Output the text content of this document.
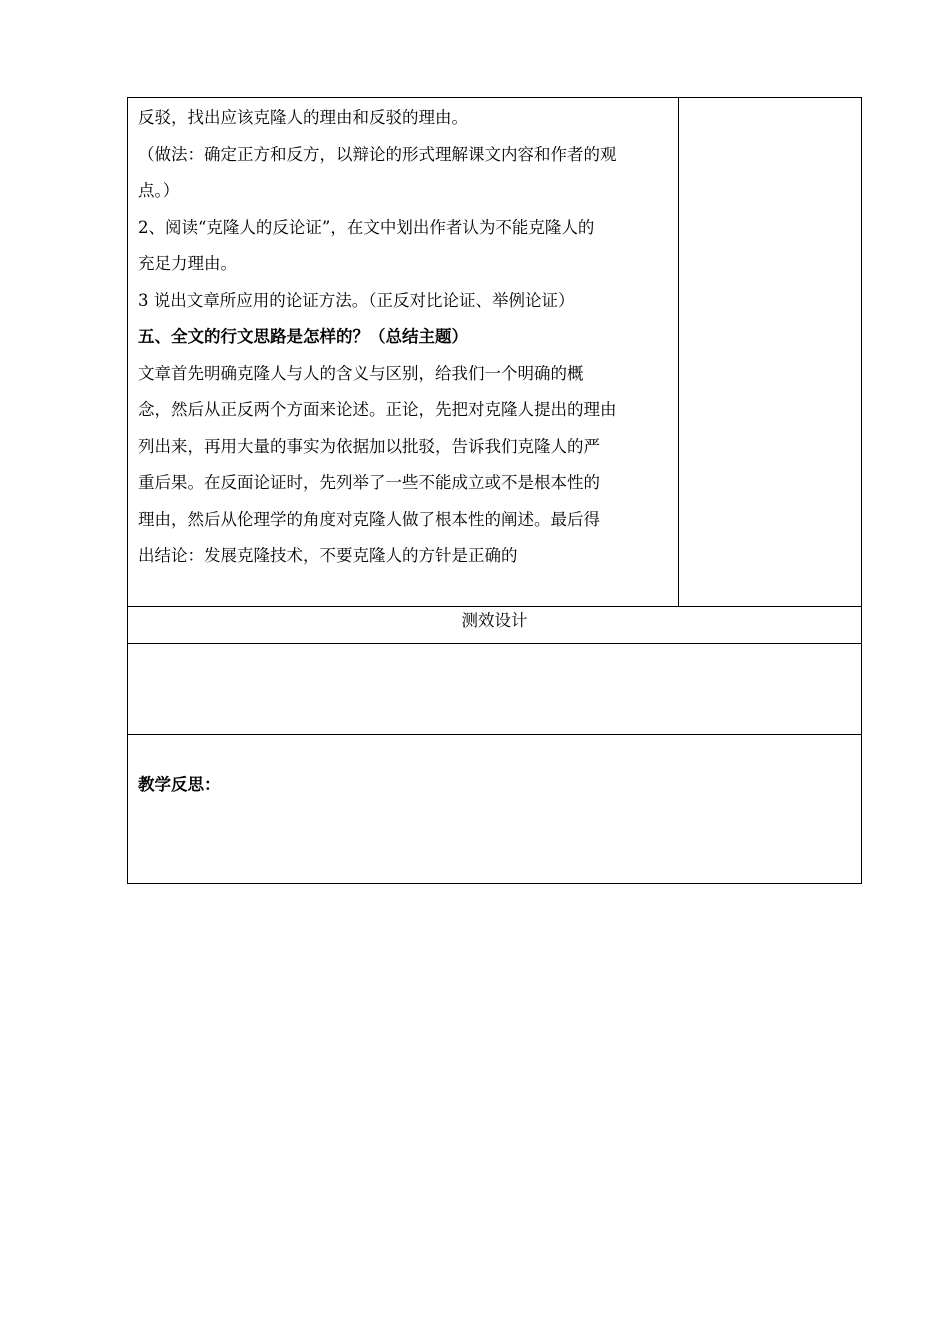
反驳，找出应该克隆人的理由和反驳的理由。

（做法：确定正方和反方，以辩论的形式理解课文内容和作者的观

点。）

2、阅读“克隆人的反论证”，在文中划出作者认为不能克隆人的

充足力理由。

3 说出文章所应用的论证方法。（正反对比论证、举例论证）

五、全文的行文思路是怎样的？（总结主题）

文章首先明确克隆人与人的含义与区别，给我们一个明确的概

念，然后从正反两个方面来论述。正论，先把对克隆人提出的理由

列出来，再用大量的事实为依据加以批驳，告诉我们克隆人的严

重后果。在反面论证时，先列举了一些不能成立或不是根本性的

理由，然后从伦理学的角度对克隆人做了根本性的阐述。最后得

出结论：发展克隆技术，不要克隆人的方针是正确的

测效设计

教学反思：
